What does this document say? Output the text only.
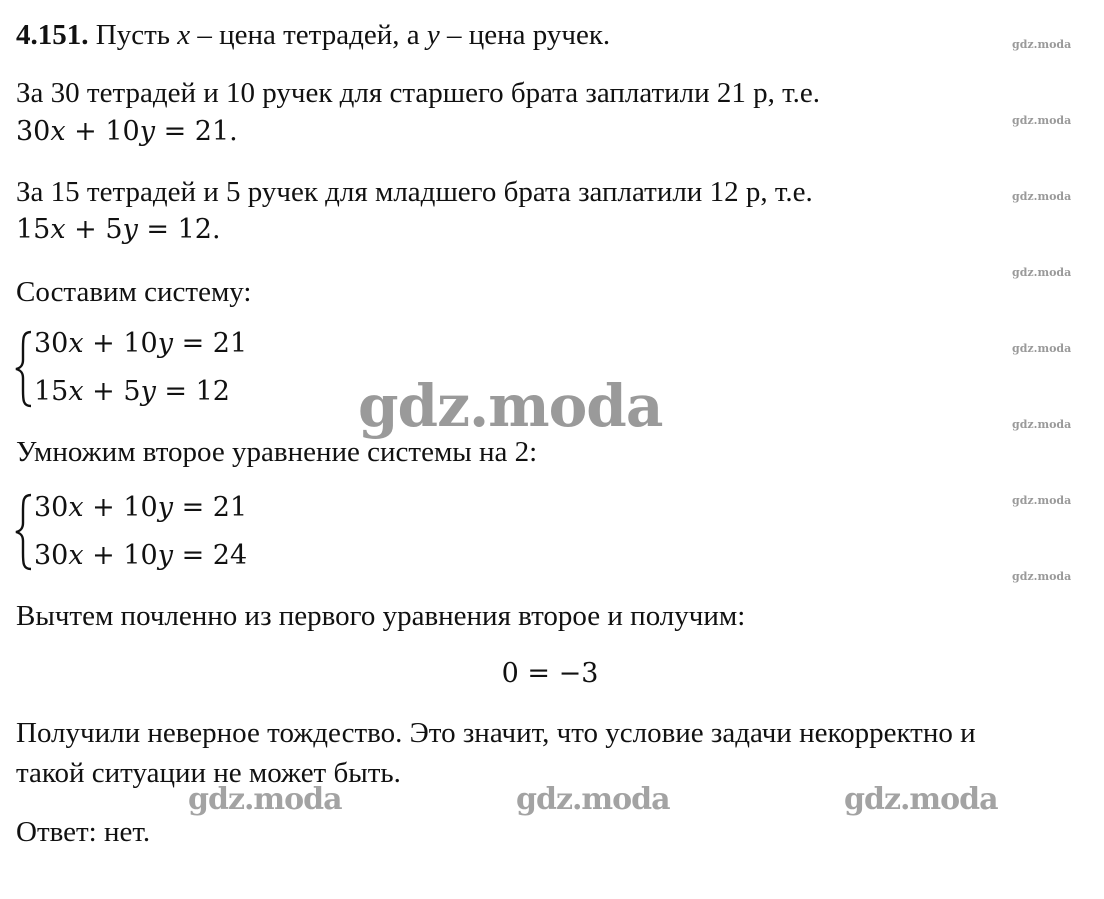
4.151. Пусть x – цена тетрадей, а y – цена ручек.
За 30 тетрадей и 10 ручек для старшего брата заплатили 21 р, т.е.
30x + 10y = 21.
За 15 тетрадей и 5 ручек для младшего брата заплатили 12 р, т.е.
15x + 5y = 12.
Составим систему:
30x + 10y = 21
15x + 5y = 12
Умножим второе уравнение системы на 2:
30x + 10y = 21
30x + 10y = 24
Вычтем почленно из первого уравнения второе и получим:
0 = −3
Получили неверное тождество. Это значит, что условие задачи некорректно и
такой ситуации не может быть.
Ответ: нет.
gdz.moda
gdz.moda
gdz.moda
gdz.moda
gdz.moda
gdz.moda
gdz.moda
gdz.moda
gdz.moda
gdz.moda	gdz.moda	gdz.moda
